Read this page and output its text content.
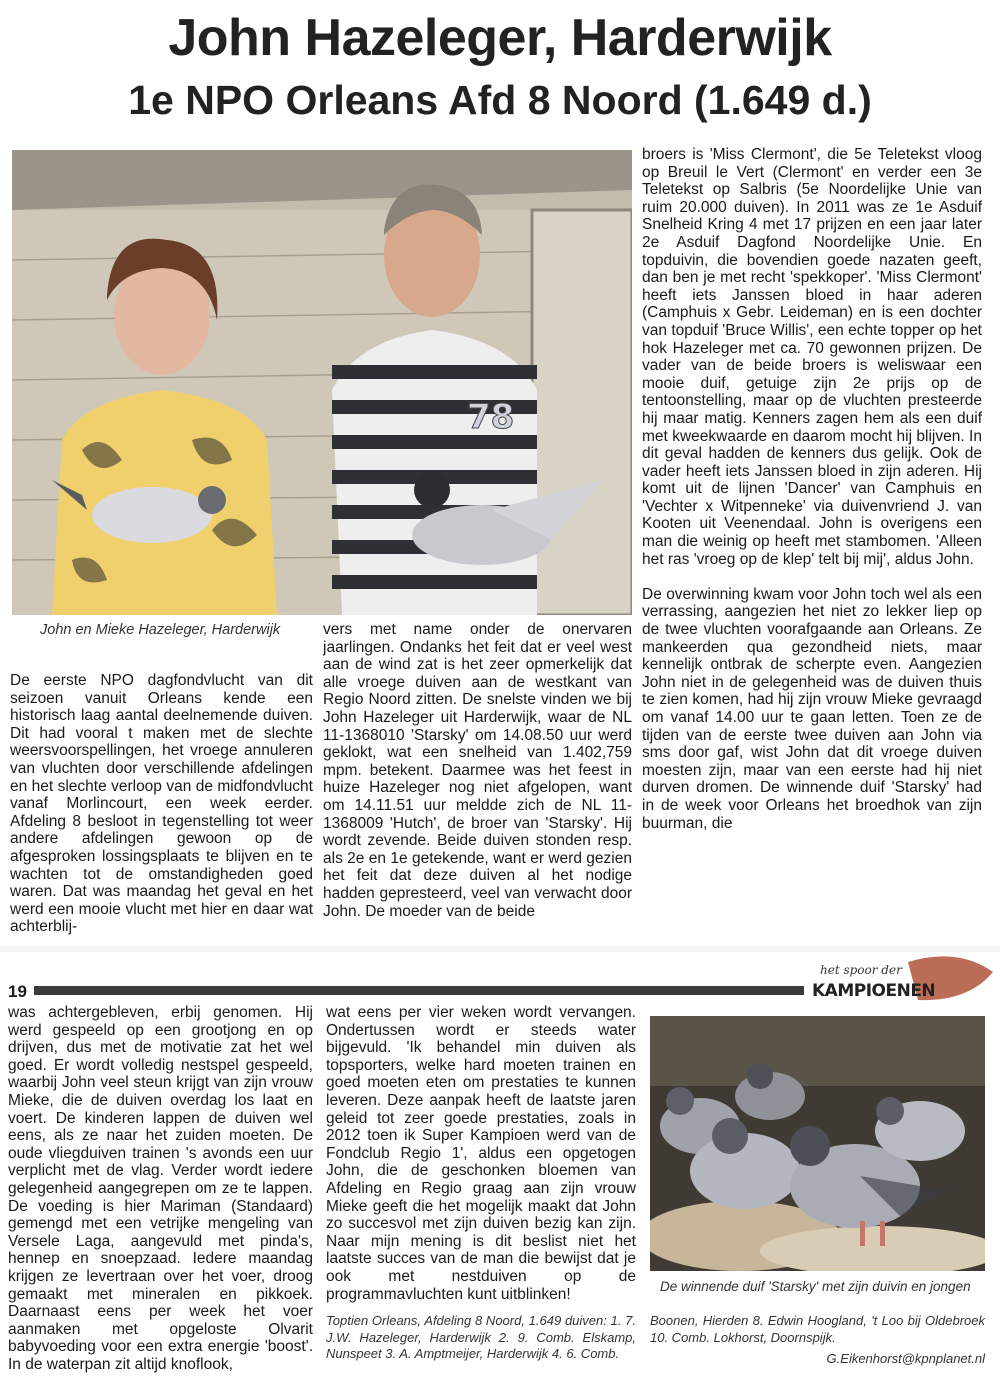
John Hazeleger, Harderwijk
1e NPO Orleans Afd 8 Noord (1.649 d.)
78
John en Mieke Hazeleger, Harderwijk

De eerste NPO dagfondvlucht van dit seizoen vanuit Orleans kende een historisch laag aantal deelnemende duiven. Dit had vooral t maken met de slechte weersvoorspellingen, het vroege annuleren van vluchten door verschillende afdelingen en het slechte verloop van de midfondvlucht vanaf Morlincourt, een week eerder. Afdeling 8 besloot in tegenstelling tot weer andere afdelingen gewoon op de afgesproken lossingsplaats te blijven en te wachten tot de omstandigheden goed waren. Dat was maandag het geval en het werd een mooie vlucht met hier en daar wat achterblij-

vers met name onder de onervaren jaarlingen. Ondanks het feit dat er veel west aan de wind zat is het zeer opmerkelijk dat alle vroege duiven aan de westkant van Regio Noord zitten. De snelste vinden we bij John Hazeleger uit Harderwijk, waar de NL 11-1368010 'Starsky' om 14.08.50 uur werd geklokt, wat een snelheid van 1.402,759 mpm. betekent. Daarmee was het feest in huize Hazeleger nog niet afgelopen, want om 14.11.51 uur meldde zich de NL 11-1368009 'Hutch', de broer van 'Starsky'. Hij wordt zevende. Beide duiven stonden resp. als 2e en 1e getekende, want er werd gezien het feit dat deze duiven al het nodige hadden gepresteerd, veel van verwacht door John. De moeder van de beide

broers is 'Miss Clermont', die 5e Teletekst vloog op Breuil le Vert (Clermont' en verder een 3e Teletekst op Salbris (5e Noordelijke Unie van ruim 20.000 duiven). In 2011 was ze 1e Asduif Snelheid Kring 4 met 17 prijzen en een jaar later 2e Asduif Dagfond Noordelijke Unie. En topduivin, die bovendien goede nazaten geeft, dan ben je met recht 'spekkoper'. 'Miss Clermont' heeft iets Janssen bloed in haar aderen (Camphuis x Gebr. Leideman) en is een dochter van topduif 'Bruce Willis', een echte topper op het hok Hazeleger met ca. 70 gewonnen prijzen. De vader van de beide broers is weliswaar een mooie duif, getuige zijn 2e prijs op de tentoonstelling, maar op de vluchten presteerde hij maar matig. Kenners zagen hem als een duif met kweekwaarde en daarom mocht hij blijven. In dit geval hadden de kenners dus gelijk. Ook de vader heeft iets Janssen bloed in zijn aderen. Hij komt uit de lijnen 'Dancer' van Camphuis en 'Vechter x Witpenneke' via duivenvriend J. van Kooten uit Veenendaal. John is overigens een man die weinig op heeft met stambomen. 'Alleen het ras 'vroeg op de klep' telt bij mij', aldus John.

De overwinning kwam voor John toch wel als een verrassing, aangezien het niet zo lekker liep op de twee vluchten voorafgaande aan Orleans. Ze mankeerden qua gezondheid niets, maar kennelijk ontbrak de scherpte even. Aangezien John niet in de gelegenheid was de duiven thuis te zien komen, had hij zijn vrouw Mieke gevraagd om vanaf 14.00 uur te gaan letten. Toen ze de tijden van de eerste twee duiven aan John via sms door gaf, wist John dat dit vroege duiven moesten zijn, maar van een eerste had hij niet durven dromen. De winnende duif 'Starsky' had in de week voor Orleans het broedhok van zijn buurman, die

19
het spoor der
KAMPIOENEN

was achtergebleven, erbij genomen. Hij werd gespeeld op een grootjong en op drijven, dus met de motivatie zat het wel goed. Er wordt volledig nestspel gespeeld, waarbij John veel steun krijgt van zijn vrouw Mieke, die de duiven overdag los laat en voert. De kinderen lappen de duiven wel eens, als ze naar het zuiden moeten. De oude vliegduiven trainen 's avonds een uur verplicht met de vlag. Verder wordt iedere gelegenheid aangegrepen om ze te lappen. De voeding is hier Mariman (Standaard) gemengd met een vetrijke mengeling van Versele Laga, aangevuld met pinda's, hennep en snoepzaad. Iedere maandag krijgen ze levertraan over het voer, droog gemaakt met mineralen en pikkoek. Daarnaast eens per week het voer aanmaken met opgeloste Olvarit babyvoeding voor een extra energie 'boost'. In de waterpan zit altijd knoflook,

wat eens per vier weken wordt vervangen. Ondertussen wordt er steeds water bijgevuld. 'Ik behandel min duiven als topsporters, welke hard moeten trainen en goed moeten eten om prestaties te kunnen leveren. Deze aanpak heeft de laatste jaren geleid tot zeer goede prestaties, zoals in 2012 toen ik Super Kampioen werd van de Fondclub Regio 1', aldus een opgetogen John, die de geschonken bloemen van Afdeling en Regio graag aan zijn vrouw Mieke geeft die het mogelijk maakt dat John zo succesvol met zijn duiven bezig kan zijn. Naar mijn mening is dit beslist niet het laatste succes van de man die bewijst dat je ook met nestduiven op de programmavluchten kunt uitblinken!

Toptien Orleans, Afdeling 8 Noord, 1.649 duiven: 1. 7. J.W. Hazeleger, Harderwijk 2. 9. Comb. Elskamp, Nunspeet 3. A. Amptmeijer, Harderwijk 4. 6. Comb.
Boonen, Hierden 8. Edwin Hoogland, 't Loo bij Oldebroek 10. Comb. Lokhorst, Doornspijk.
G.Eikenhorst@kpnplanet.nl
De winnende duif 'Starsky' met zijn duivin en jongen
